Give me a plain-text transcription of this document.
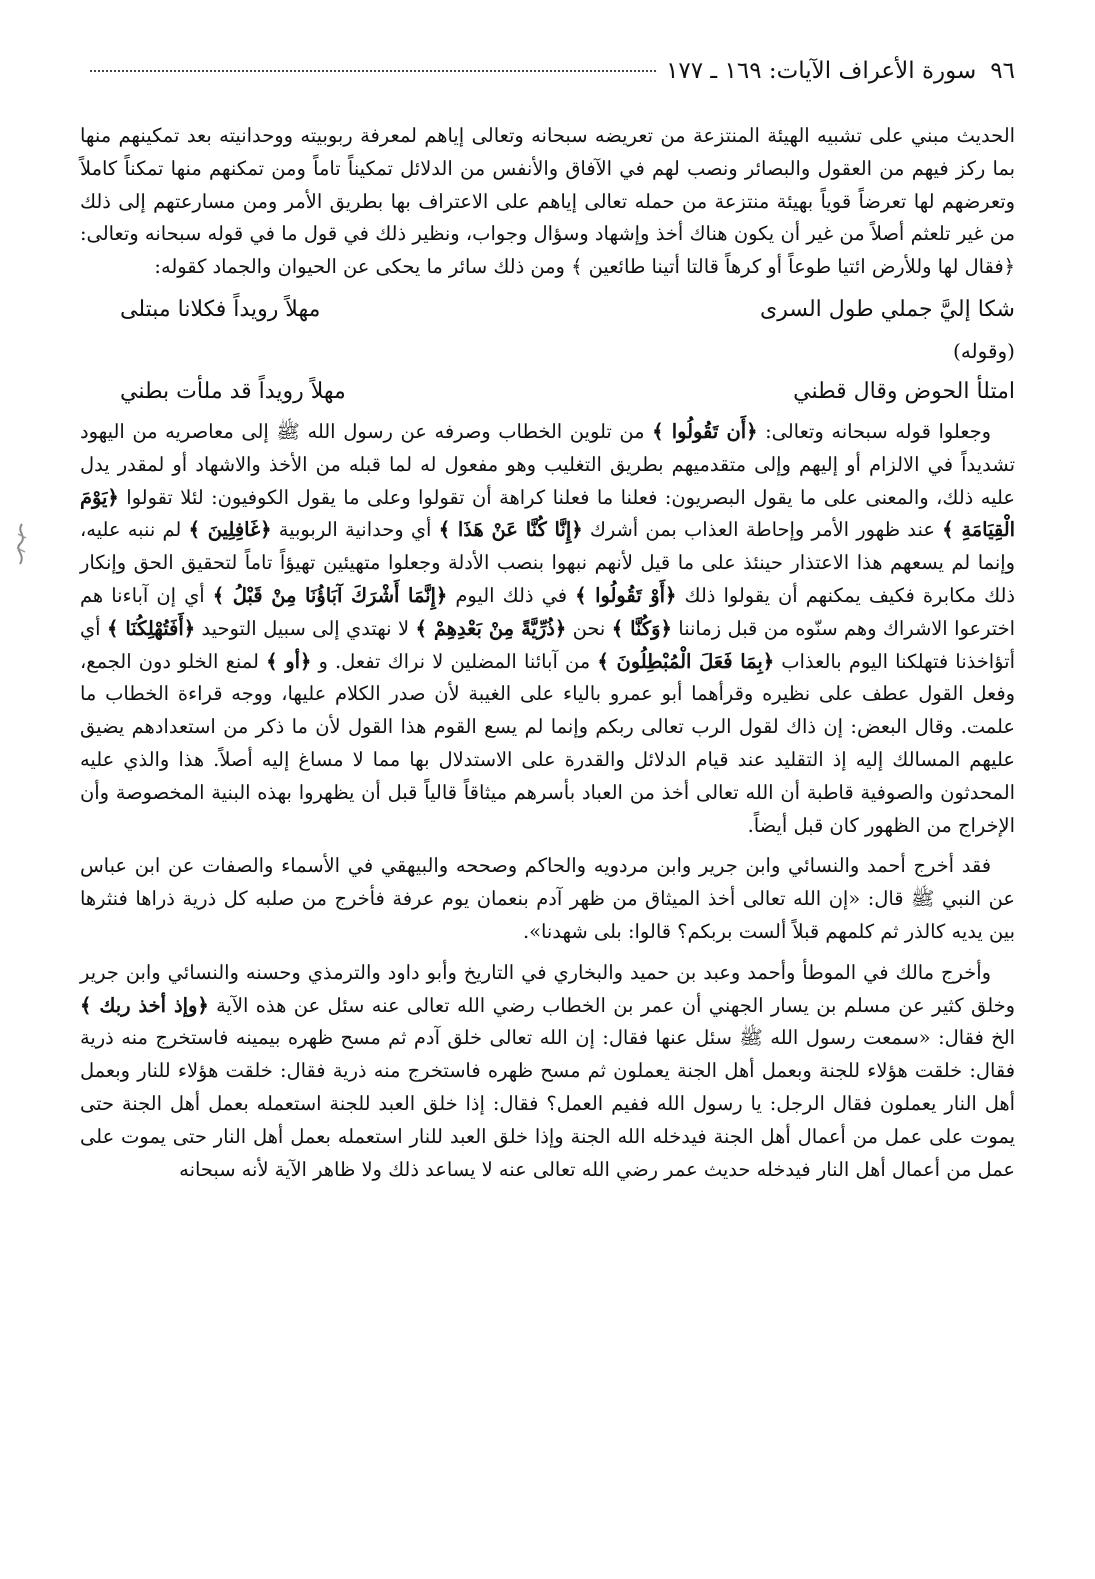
٩٦
سورة الأعراف الآيات: ١٦٩ ـ ١٧٧

الحديث مبني على تشبيه الهيئة المنتزعة من تعريضه سبحانه وتعالى إياهم لمعرفة ربوبيته ووحدانيته بعد تمكينهم منها بما ركز فيهم من العقول والبصائر ونصب لهم في الآفاق والأنفس من الدلائل تمكيناً تاماً ومن تمكنهم منها تمكناً كاملاً وتعرضهم لها تعرضاً قوياً بهيئة منتزعة من حمله تعالى إياهم على الاعتراف بها بطريق الأمر ومن مسارعتهم إلى ذلك من غير تلعثم أصلاً من غير أن يكون هناك أخذ وإشهاد وسؤال وجواب، ونظير ذلك في قول ما في قوله سبحانه وتعالى: ﴿فقال لها وللأرض ائتيا طوعاً أو كرهاً قالتا أتينا طائعين ﴾ ومن ذلك سائر ما يحكى عن الحيوان والجماد كقوله:

شكا إليَّ جملي طول السرى
مهلاً رويداً فكلانا مبتلى
(وقوله)
امتلأ الحوض وقال قطني
مهلاً رويداً قد ملأت بطني

وجعلوا قوله سبحانه وتعالى: ﴿أَن تَقُولُوا ﴾ من تلوين الخطاب وصرفه عن رسول الله ﷺ إلى معاصريه من اليهود تشديداً في الالزام أو إليهم وإلى متقدميهم بطريق التغليب وهو مفعول له لما قبله من الأخذ والاشهاد أو لمقدر يدل عليه ذلك، والمعنى على ما يقول البصريون: فعلنا ما فعلنا كراهة أن تقولوا وعلى ما يقول الكوفيون: لئلا تقولوا ﴿يَوْمَ الْقِيَامَةِ ﴾ عند ظهور الأمر وإحاطة العذاب بمن أشرك ﴿إِنَّا كُنَّا عَنْ هَذَا ﴾ أي وحدانية الربوبية ﴿غَافِلِينَ ﴾ لم ننبه عليه، وإنما لم يسعهم هذا الاعتذار حينئذ على ما قيل لأنهم نبهوا بنصب الأدلة وجعلوا متهيئين تهيؤاً تاماً لتحقيق الحق وإنكار ذلك مكابرة فكيف يمكنهم أن يقولوا ذلك ﴿أَوْ تَقُولُوا ﴾ في ذلك اليوم ﴿إِنَّمَا أَشْرَكَ آبَاؤُنَا مِنْ قَبْلُ ﴾ أي إن آباءنا هم اخترعوا الاشراك وهم سنّوه من قبل زماننا ﴿وَكُنَّا ﴾ نحن ﴿ذُرِّيَّةً مِنْ بَعْدِهِمْ ﴾ لا نهتدي إلى سبيل التوحيد ﴿أَفَتُهْلِكُنَا ﴾ أي أتؤاخذنا فتهلكنا اليوم بالعذاب ﴿بِمَا فَعَلَ الْمُبْطِلُونَ ﴾ من آبائنا المضلين لا نراك تفعل. و ﴿أو ﴾ لمنع الخلو دون الجمع، وفعل القول عطف على نظيره وقرأهما أبو عمرو بالياء على الغيبة لأن صدر الكلام عليها، ووجه قراءة الخطاب ما علمت. وقال البعض: إن ذاك لقول الرب تعالى ربكم وإنما لم يسع القوم هذا القول لأن ما ذكر من استعدادهم يضيق عليهم المسالك إليه إذ التقليد عند قيام الدلائل والقدرة على الاستدلال بها مما لا مساغ إليه أصلاً. هذا والذي عليه المحدثون والصوفية قاطبة أن الله تعالى أخذ من العباد بأسرهم ميثاقاً قالياً قبل أن يظهروا بهذه البنية المخصوصة وأن الإخراج من الظهور كان قبل أيضاً.

فقد أخرج أحمد والنسائي وابن جرير وابن مردويه والحاكم وصححه والبيهقي في الأسماء والصفات عن ابن عباس عن النبي ﷺ قال: «إن الله تعالى أخذ الميثاق من ظهر آدم بنعمان يوم عرفة فأخرج من صلبه كل ذرية ذراها فنثرها بين يديه كالذر ثم كلمهم قبلاً ألست بربكم؟ قالوا: بلى شهدنا».

وأخرج مالك في الموطأ وأحمد وعبد بن حميد والبخاري في التاريخ وأبو داود والترمذي وحسنه والنسائي وابن جرير وخلق كثير عن مسلم بن يسار الجهني أن عمر بن الخطاب رضي الله تعالى عنه سئل عن هذه الآية ﴿وإذ أخذ ربك ﴾ الخ فقال: «سمعت رسول الله ﷺ سئل عنها فقال: إن الله تعالى خلق آدم ثم مسح ظهره بيمينه فاستخرج منه ذرية فقال: خلقت هؤلاء للجنة وبعمل أهل الجنة يعملون ثم مسح ظهره فاستخرج منه ذرية فقال: خلقت هؤلاء للنار وبعمل أهل النار يعملون فقال الرجل: يا رسول الله ففيم العمل؟ فقال: إذا خلق العبد للجنة استعمله بعمل أهل الجنة حتى يموت على عمل من أعمال أهل الجنة فيدخله الله الجنة وإذا خلق العبد للنار استعمله بعمل أهل النار حتى يموت على عمل من أعمال أهل النار فيدخله حديث عمر رضي الله تعالى عنه لا يساعد ذلك ولا ظاهر الآية لأنه سبحانه
